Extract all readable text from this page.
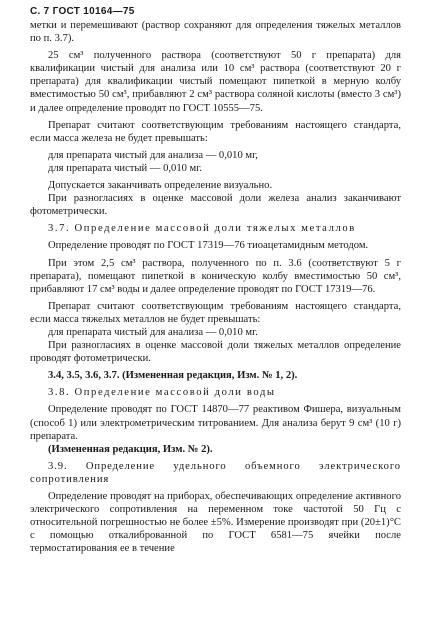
С. 7 ГОСТ 10164—75

метки и перемешивают (раствор сохраняют для определения тяжелых металлов по п. 3.7).

25 см³ полученного раствора (соответствуют 50 г препарата) для квалификации чистый для анализа или 10 см³ раствора (соответствуют 20 г препарата) для квалификации чистый помещают пипеткой в мерную колбу вместимостью 50 см³, прибавляют 2 см³ раствора соляной кислоты (вместо 3 см³) и далее определение проводят по ГОСТ 10555—75.

Препарат считают соответствующим требованиям настоящего стандарта, если масса железа не будет превышать:

для препарата чистый для анализа — 0,010 мг,

для препарата чистый — 0,010 мг.

Допускается заканчивать определение визуально.

При разногласиях в оценке массовой доли железа анализ заканчивают фотометрически.

3.7. Определение массовой доли тяжелых металлов

Определение проводят по ГОСТ 17319—76 тиоацетамидным методом.

При этом 2,5 см³ раствора, полученного по п. 3.6 (соответствуют 5 г препарата), помещают пипеткой в коническую колбу вместимостью 50 см³, прибавляют 17 см³ воды и далее определение проводят по ГОСТ 17319—76.

Препарат считают соответствующим требованиям настоящего стандарта, если масса тяжелых металлов не будет превышать:

для препарата чистый для анализа — 0,010 мг.

При разногласиях в оценке массовой доли тяжелых металлов определение проводят фотометрически.

3.4, 3.5, 3.6, 3.7. (Измененная редакция, Изм. № 1, 2).

3.8. Определение массовой доли воды

Определение проводят по ГОСТ 14870—77 реактивом Фишера, визуальным (способ 1) или электрометрическим титрованием. Для анализа берут 9 см³ (10 г) препарата.

(Измененная редакция, Изм. № 2).

3.9. Определение удельного объемного электрического сопротивления

Определение проводят на приборах, обеспечивающих определение активного электрического сопротивления на переменном токе частотой 50 Гц с относительной погрешностью не более ±5%. Измерение производят при (20±1)°C с помощью откалиброванной по ГОСТ 6581—75 ячейки после термостатирования ее в течение
